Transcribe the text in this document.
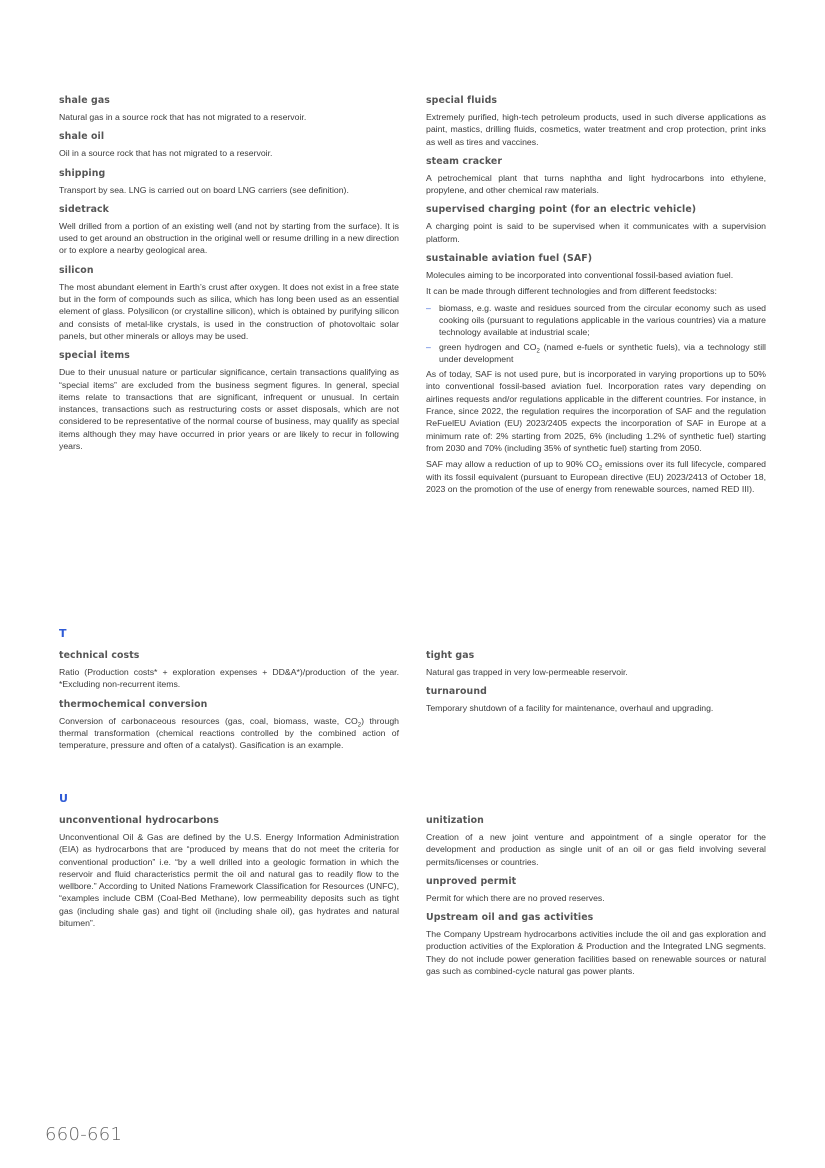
shale gas
Natural gas in a source rock that has not migrated to a reservoir.
shale oil
Oil in a source rock that has not migrated to a reservoir.
shipping
Transport by sea. LNG is carried out on board LNG carriers (see definition).
sidetrack
Well drilled from a portion of an existing well (and not by starting from the surface). It is used to get around an obstruction in the original well or resume drilling in a new direction or to explore a nearby geological area.
silicon
The most abundant element in Earth’s crust after oxygen. It does not exist in a free state but in the form of compounds such as silica, which has long been used as an essential element of glass. Polysilicon (or crystalline silicon), which is obtained by purifying silicon and consists of metal-like crystals, is used in the construction of photovoltaic solar panels, but other minerals or alloys may be used.
special items
Due to their unusual nature or particular significance, certain transactions qualifying as “special items” are excluded from the business segment figures. In general, special items relate to transactions that are significant, infrequent or unusual. In certain instances, transactions such as restructuring costs or asset disposals, which are not considered to be representative of the normal course of business, may qualify as special items although they may have occurred in prior years or are likely to recur in following years.
special fluids
Extremely purified, high-tech petroleum products, used in such diverse applications as paint, mastics, drilling fluids, cosmetics, water treatment and crop protection, print inks as well as tires and vaccines.
steam cracker
A petrochemical plant that turns naphtha and light hydrocarbons into ethylene, propylene, and other chemical raw materials.
supervised charging point (for an electric vehicle)
A charging point is said to be supervised when it communicates with a supervision platform.
sustainable aviation fuel (SAF)
Molecules aiming to be incorporated into conventional fossil-based aviation fuel.
It can be made through different technologies and from different feedstocks:
– biomass, e.g. waste and residues sourced from the circular economy such as used cooking oils (pursuant to regulations applicable in the various countries) via a mature technology available at industrial scale;
– green hydrogen and $CO_2$ (named e-fuels or synthetic fuels), via a technology still under development
As of today, SAF is not used pure, but is incorporated in varying proportions up to 50% into conventional fossil-based aviation fuel. Incorporation rates vary depending on airlines requests and/or regulations applicable in the different countries. For instance, in France, since 2022, the regulation requires the incorporation of SAF and the regulation ReFuelEU Aviation (EU) 2023/2405 expects the incorporation of SAF in Europe at a minimum rate of: 2% starting from 2025, 6% (including 1.2% of synthetic fuel) starting from 2030 and 70% (including 35% of synthetic fuel) starting from 2050.
SAF may allow a reduction of up to 90% $CO_2$ emissions over its full lifecycle, compared with its fossil equivalent (pursuant to European directive (EU) 2023/2413 of October 18, 2023 on the promotion of the use of energy from renewable sources, named RED III).
T
technical costs
Ratio (Production costs* + exploration expenses + DD&A*)/production of the year. *Excluding non-recurrent items.
thermochemical conversion
Conversion of carbonaceous resources (gas, coal, biomass, waste, $CO_2$) through thermal transformation (chemical reactions controlled by the combined action of temperature, pressure and often of a catalyst). Gasification is an example.
tight gas
Natural gas trapped in very low-permeable reservoir.
turnaround
Temporary shutdown of a facility for maintenance, overhaul and upgrading.
U
unconventional hydrocarbons
Unconventional Oil & Gas are defined by the U.S. Energy Information Administration (EIA) as hydrocarbons that are “produced by means that do not meet the criteria for conventional production” i.e. “by a well drilled into a geologic formation in which the reservoir and fluid characteristics permit the oil and natural gas to readily flow to the wellbore.” According to United Nations Framework Classification for Resources (UNFC), “examples include CBM (Coal-Bed Methane), low permeability deposits such as tight gas (including shale gas) and tight oil (including shale oil), gas hydrates and natural bitumen”.
unitization
Creation of a new joint venture and appointment of a single operator for the development and production as single unit of an oil or gas field involving several permits/licenses or countries.
unproved permit
Permit for which there are no proved reserves.
Upstream oil and gas activities
The Company Upstream hydrocarbons activities include the oil and gas exploration and production activities of the Exploration & Production and the Integrated LNG segments. They do not include power generation facilities based on renewable sources or natural gas such as combined-cycle natural gas power plants.
660-661
